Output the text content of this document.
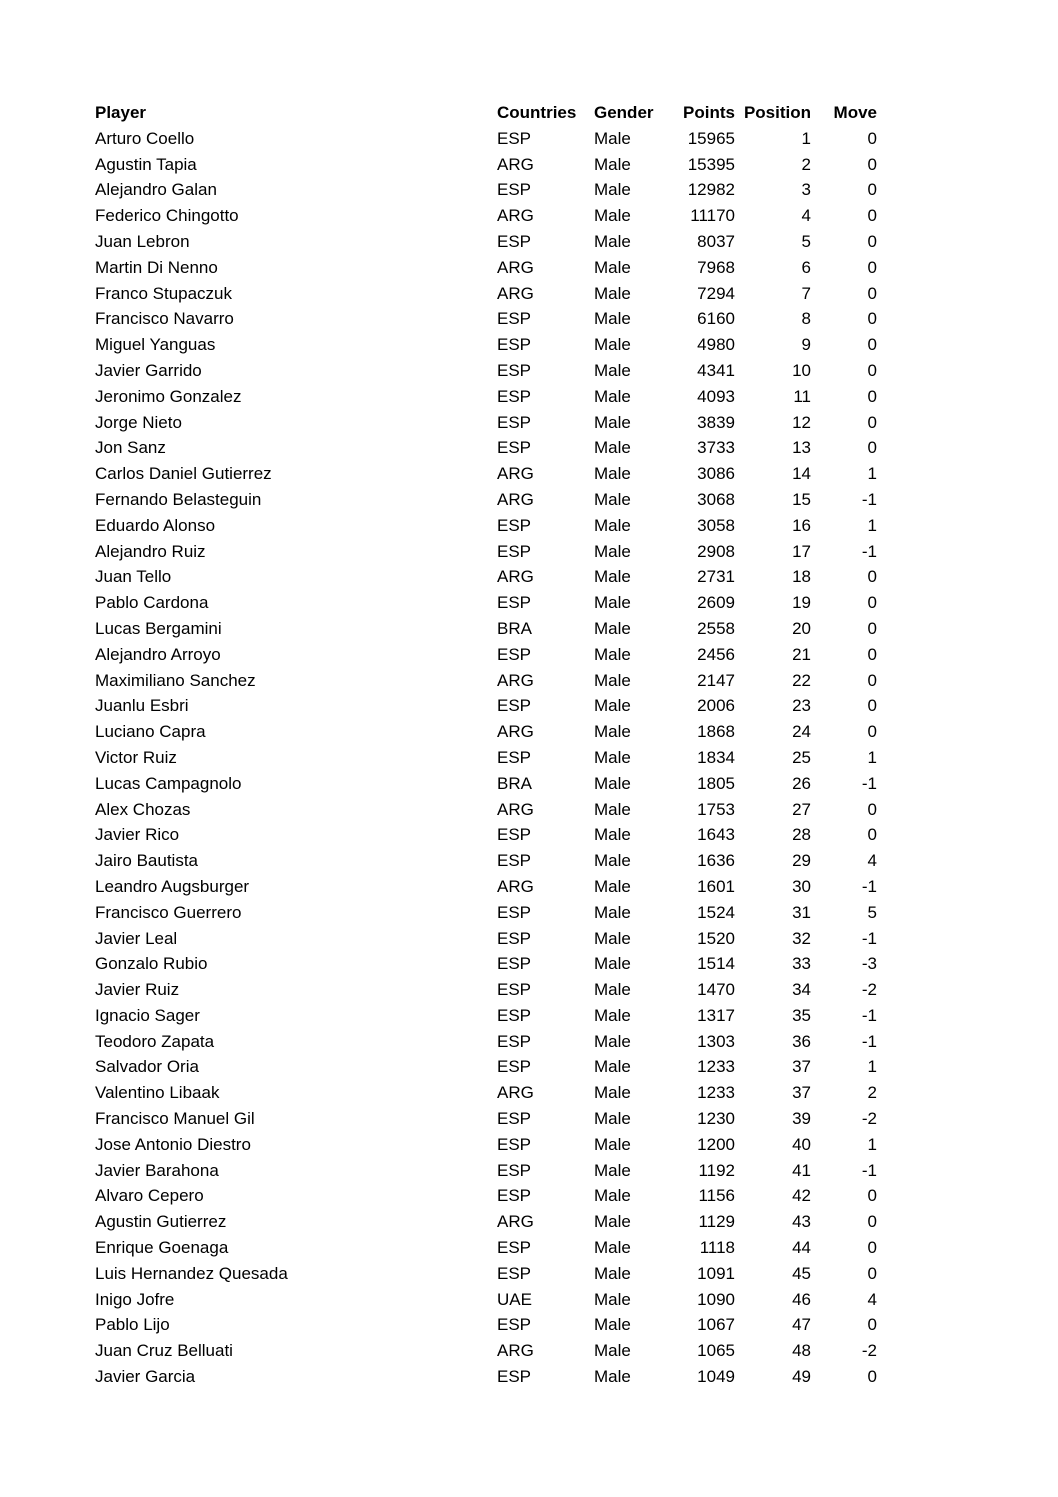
Player	Countries	Gender	Points	Position	Move
Arturo Coello	ESP	Male	15965	1	0
Agustin Tapia	ARG	Male	15395	2	0
Alejandro Galan	ESP	Male	12982	3	0
Federico Chingotto	ARG	Male	11170	4	0
Juan Lebron	ESP	Male	8037	5	0
Martin Di Nenno	ARG	Male	7968	6	0
Franco Stupaczuk	ARG	Male	7294	7	0
Francisco Navarro	ESP	Male	6160	8	0
Miguel Yanguas	ESP	Male	4980	9	0
Javier Garrido	ESP	Male	4341	10	0
Jeronimo Gonzalez	ESP	Male	4093	11	0
Jorge Nieto	ESP	Male	3839	12	0
Jon Sanz	ESP	Male	3733	13	0
Carlos Daniel Gutierrez	ARG	Male	3086	14	1
Fernando Belasteguin	ARG	Male	3068	15	-1
Eduardo Alonso	ESP	Male	3058	16	1
Alejandro Ruiz	ESP	Male	2908	17	-1
Juan Tello	ARG	Male	2731	18	0
Pablo Cardona	ESP	Male	2609	19	0
Lucas Bergamini	BRA	Male	2558	20	0
Alejandro Arroyo	ESP	Male	2456	21	0
Maximiliano Sanchez	ARG	Male	2147	22	0
Juanlu Esbri	ESP	Male	2006	23	0
Luciano Capra	ARG	Male	1868	24	0
Victor Ruiz	ESP	Male	1834	25	1
Lucas Campagnolo	BRA	Male	1805	26	-1
Alex Chozas	ARG	Male	1753	27	0
Javier Rico	ESP	Male	1643	28	0
Jairo Bautista	ESP	Male	1636	29	4
Leandro Augsburger	ARG	Male	1601	30	-1
Francisco Guerrero	ESP	Male	1524	31	5
Javier Leal	ESP	Male	1520	32	-1
Gonzalo Rubio	ESP	Male	1514	33	-3
Javier Ruiz	ESP	Male	1470	34	-2
Ignacio Sager	ESP	Male	1317	35	-1
Teodoro Zapata	ESP	Male	1303	36	-1
Salvador Oria	ESP	Male	1233	37	1
Valentino Libaak	ARG	Male	1233	37	2
Francisco Manuel Gil	ESP	Male	1230	39	-2
Jose Antonio Diestro	ESP	Male	1200	40	1
Javier Barahona	ESP	Male	1192	41	-1
Alvaro Cepero	ESP	Male	1156	42	0
Agustin Gutierrez	ARG	Male	1129	43	0
Enrique Goenaga	ESP	Male	1118	44	0
Luis Hernandez Quesada	ESP	Male	1091	45	0
Inigo Jofre	UAE	Male	1090	46	4
Pablo Lijo	ESP	Male	1067	47	0
Juan Cruz Belluati	ARG	Male	1065	48	-2
Javier Garcia	ESP	Male	1049	49	0
